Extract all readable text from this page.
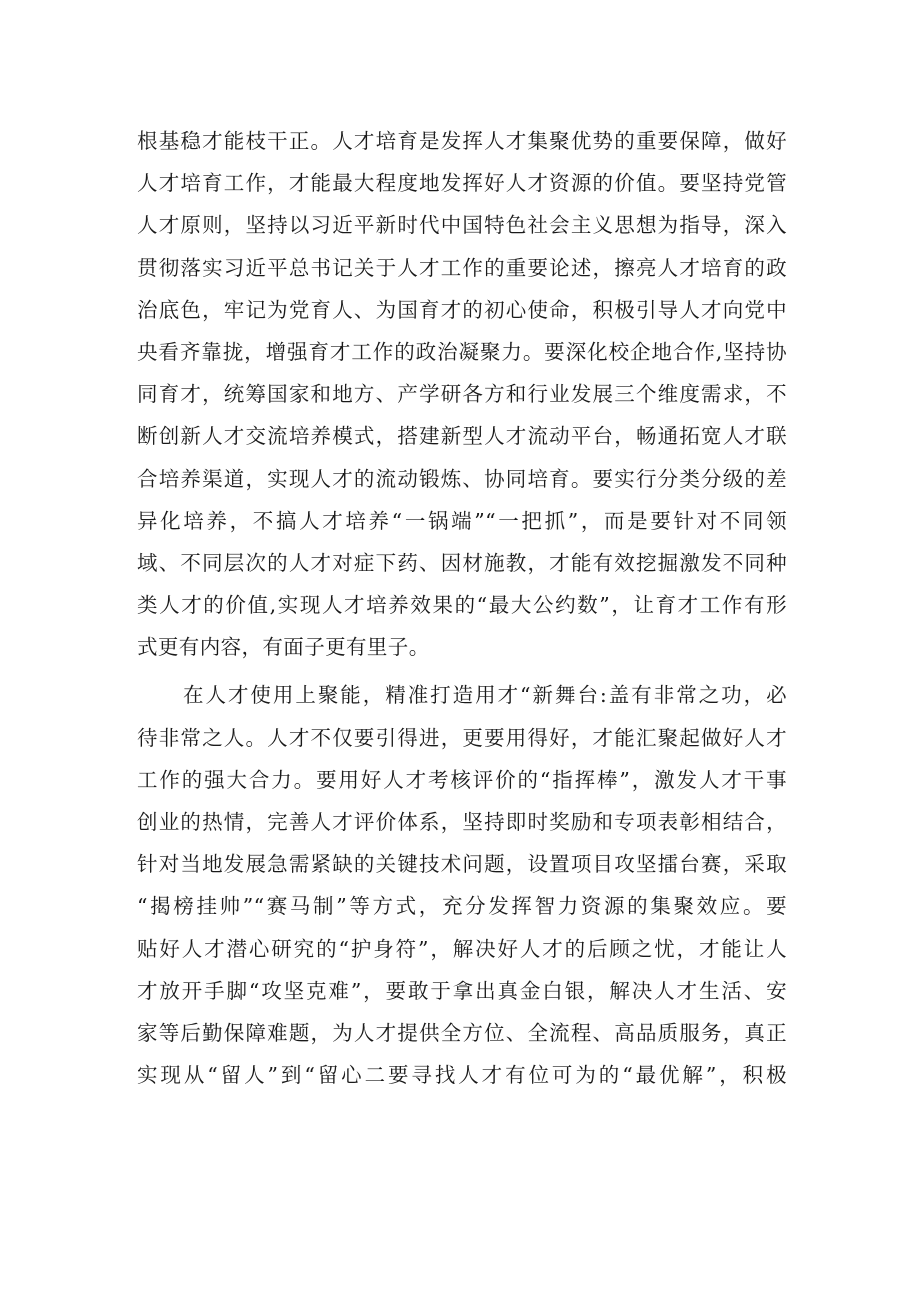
根基稳才能枝干正。人才培育是发挥人才集聚优势的重要保障，做好
人才培育工作，才能最大程度地发挥好人才资源的价值。要坚持党管
人才原则，坚持以习近平新时代中国特色社会主义思想为指导，深入
贯彻落实习近平总书记关于人才工作的重要论述，擦亮人才培育的政
治底色，牢记为党育人、为国育才的初心使命，积极引导人才向党中
央看齐靠拢，增强育才工作的政治凝聚力。要深化校企地合作,坚持协
同育才，统筹国家和地方、产学研各方和行业发展三个维度需求，不
断创新人才交流培养模式，搭建新型人才流动平台，畅通拓宽人才联
合培养渠道，实现人才的流动锻炼、协同培育。要实行分类分级的差
异化培养，不搞人才培养“一锅端”“一把抓”，而是要针对不同领
域、不同层次的人才对症下药、因材施教，才能有效挖掘激发不同种
类人才的价值,实现人才培养效果的“最大公约数”，让育才工作有形
式更有内容，有面子更有里子。
在人才使用上聚能，精准打造用才“新舞台:盖有非常之功，必
待非常之人。人才不仅要引得进，更要用得好，才能汇聚起做好人才
工作的强大合力。要用好人才考核评价的“指挥棒”，激发人才干事
创业的热情，完善人才评价体系，坚持即时奖励和专项表彰相结合，
针对当地发展急需紧缺的关键技术问题，设置项目攻坚擂台赛，采取
“揭榜挂帅”“赛马制”等方式，充分发挥智力资源的集聚效应。要
贴好人才潜心研究的“护身符”，解决好人才的后顾之忧，才能让人
才放开手脚“攻坚克难”，要敢于拿出真金白银，解决人才生活、安
家等后勤保障难题，为人才提供全方位、全流程、高品质服务，真正
实现从“留人”到“留心二要寻找人才有位可为的“最优解”，积极
